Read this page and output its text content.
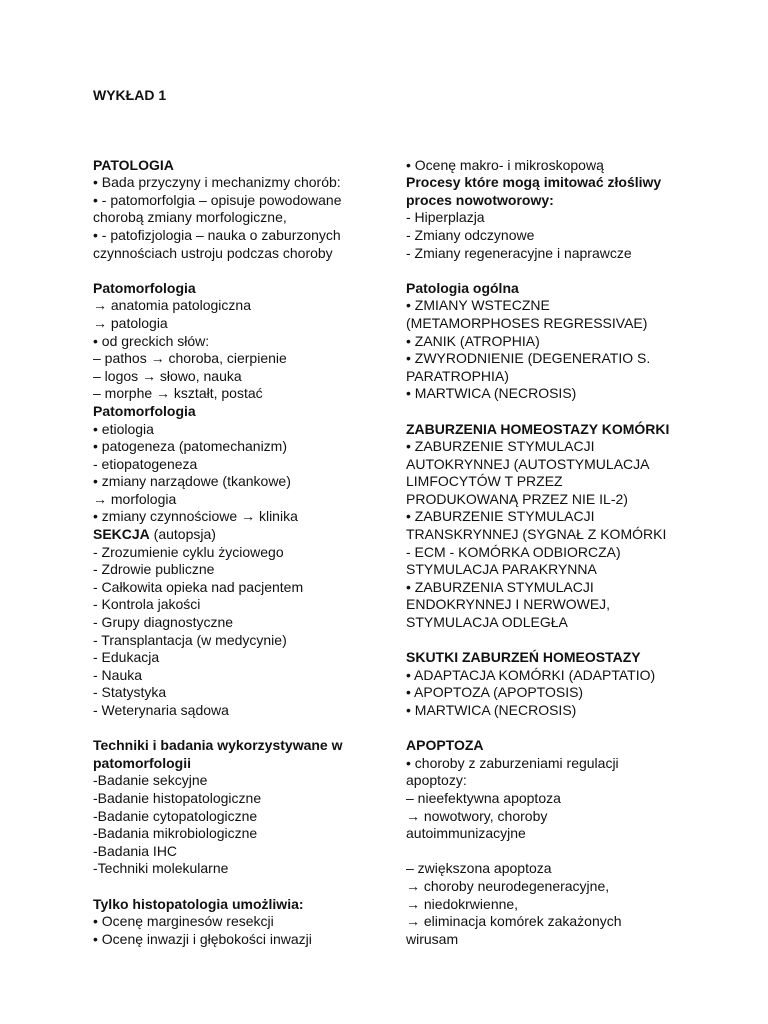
WYKŁAD 1

PATOLOGIA

• Bada przyczyny i mechanizmy chorób:

• - patomorfolgia – opisuje powodowane

chorobą zmiany morfologiczne,

• - patofizjologia – nauka o zaburzonych

czynnościach ustroju podczas choroby

Patomorfologia

→ anatomia patologiczna

→ patologia

• od greckich słów:

– pathos → choroba, cierpienie

– logos → słowo, nauka

– morphe → kształt, postać

Patomorfologia

• etiologia

• patogeneza (patomechanizm)

- etiopatogeneza

• zmiany narządowe (tkankowe)

→ morfologia

• zmiany czynnościowe → klinika

SEKCJA (autopsja)

- Zrozumienie cyklu życiowego

- Zdrowie publiczne

- Całkowita opieka nad pacjentem

- Kontrola jakości

- Grupy diagnostyczne

- Transplantacja (w medycynie)

- Edukacja

- Nauka

- Statystyka

- Weterynaria sądowa

Techniki i badania wykorzystywane w

patomorfologii

-Badanie sekcyjne

-Badanie histopatologiczne

-Badanie cytopatologiczne

-Badania mikrobiologiczne

-Badania IHC

-Techniki molekularne

Tylko histopatologia umożliwia:

• Ocenę marginesów resekcji

• Ocenę inwazji i głębokości inwazji

• Ocenę makro- i mikroskopową

Procesy które mogą imitować złośliwy

proces nowotworowy:

- Hiperplazja

- Zmiany odczynowe

- Zmiany regeneracyjne i naprawcze

Patologia ogólna

• ZMIANY WSTECZNE

(METAMORPHOSES REGRESSIVAE)

• ZANIK (ATROPHIA)

• ZWYRODNIENIE (DEGENERATIO S.

PARATROPHIA)

• MARTWICA (NECROSIS)

ZABURZENIA HOMEOSTAZY KOMÓRKI

• ZABURZENIE STYMULACJI

AUTOKRYNNEJ (AUTOSTYMULACJA

LIMFOCYTÓW T PRZEZ

PRODUKOWANĄ PRZEZ NIE IL-2)

• ZABURZENIE STYMULACJI

TRANSKRYNNEJ (SYGNAŁ Z KOMÓRKI

- ECM - KOMÓRKA ODBIORCZA)

STYMULACJA PARAKRYNNA

• ZABURZENIA STYMULACJI

ENDOKRYNNEJ I NERWOWEJ,

STYMULACJA ODLEGŁA

SKUTKI ZABURZEŃ HOMEOSTAZY

• ADAPTACJA KOMÓRKI (ADAPTATIO)

• APOPTOZA (APOPTOSIS)

• MARTWICA (NECROSIS)

APOPTOZA

• choroby z zaburzeniami regulacji

apoptozy:

– nieefektywna apoptoza

→ nowotwory, choroby

autoimmunizacyjne

– zwiększona apoptoza

→ choroby neurodegeneracyjne,

→ niedokrwienne,

→ eliminacja komórek zakażonych

wirusam
